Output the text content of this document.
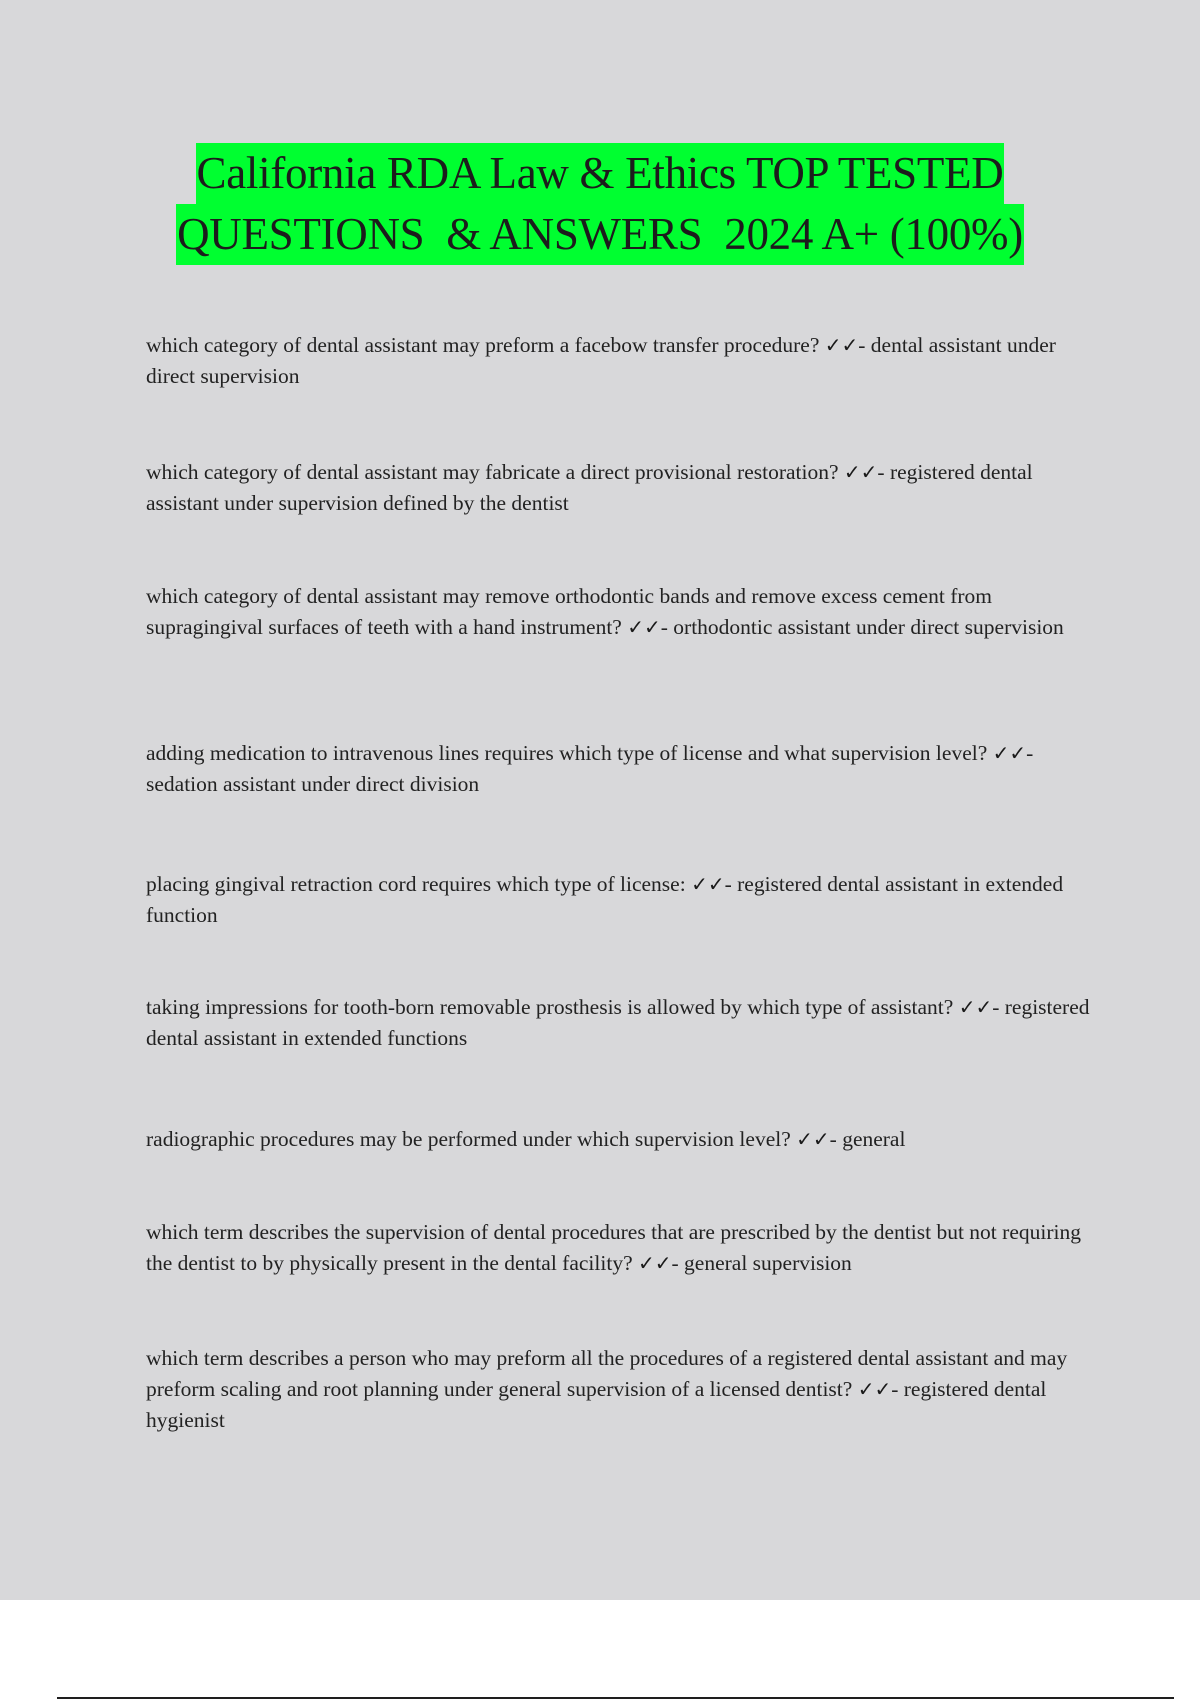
California RDA Law & Ethics TOP TESTED
QUESTIONS  & ANSWERS  2024 A+ (100%)
which category of dental assistant may preform a facebow transfer procedure? ✓✓- dental assistant under direct supervision
which category of dental assistant may fabricate a direct provisional restoration? ✓✓- registered dental assistant under supervision defined by the dentist
which category of dental assistant may remove orthodontic bands and remove excess cement from supragingival surfaces of teeth with a hand instrument? ✓✓- orthodontic assistant under direct supervision
adding medication to intravenous lines requires which type of license and what supervision level? ✓✓- sedation assistant under direct division
placing gingival retraction cord requires which type of license: ✓✓- registered dental assistant in extended function
taking impressions for tooth-born removable prosthesis is allowed by which type of assistant? ✓✓- registered dental assistant in extended functions
radiographic procedures may be performed under which supervision level? ✓✓- general
which term describes the supervision of dental procedures that are prescribed by the dentist but not requiring the dentist to by physically present in the dental facility? ✓✓- general supervision
which term describes a person who may preform all the procedures of a registered dental assistant and may preform scaling and root planning under general supervision of a licensed dentist? ✓✓- registered dental hygienist
